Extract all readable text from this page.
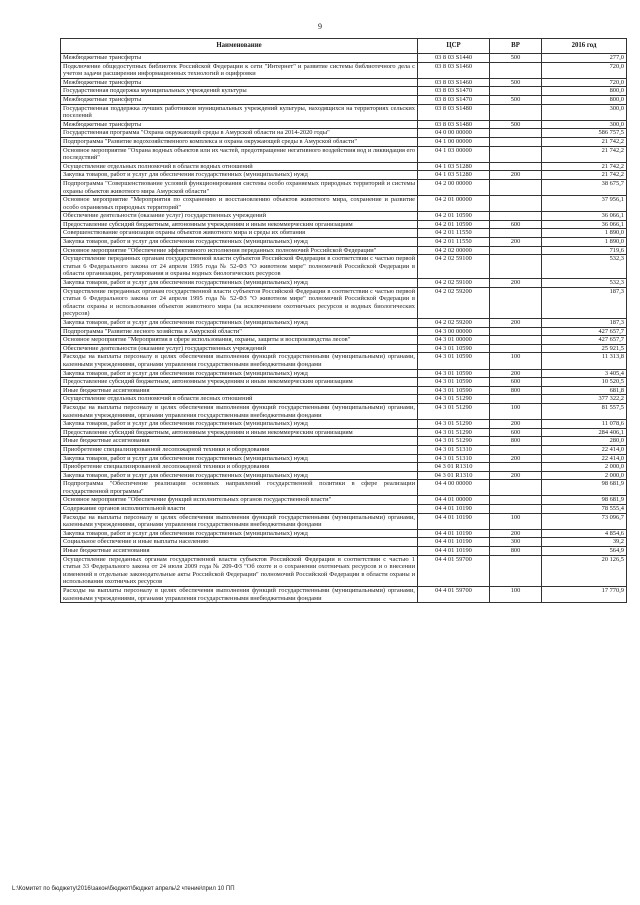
9
Наименование	ЦСР	ВР	2016 год
Межбюджетные трансферты	03 8 03 S1440	500	277,0
Подключение общедоступных библиотек Российской Федерации к сети "Интернет" и развитие системы библиотечного дела с учетом задачи расширения информационных технологий и оцифровки	03 8 03 S1460		720,0
Межбюджетные трансферты	03 8 03 S1460	500	720,0
Государственная поддержка муниципальных учреждений культуры	03 8 03 S1470		800,0
Межбюджетные трансферты	03 8 03 S1470	500	800,0
Государственная поддержка лучших работников муниципальных учреждений культуры, находящихся на территориях сельских поселений	03 8 03 S1480		300,0
Межбюджетные трансферты	03 8 03 S1480	500	300,0
Государственная программа "Охрана окружающей среды в Амурской области на 2014-2020 годы"	04 0 00 00000		586 757,5
Подпрограмма "Развитие водохозяйственного комплекса и охрана окружающей среды в Амурской области"	04 1 00 00000		21 742,2
Основное мероприятие "Охрана водных объектов или их частей, предотвращение негативного воздействия вод и ликвидация его последствий"	04 1 03 00000		21 742,2
Осуществление отдельных полномочий в области водных отношений	04 1 03 51280		21 742,2
Закупка товаров, работ и услуг для обеспечения государственных (муниципальных) нужд	04 1 03 51280	200	21 742,2
Подпрограмма "Совершенствование условий функционирования системы особо охраняемых природных территорий и системы охраны объектов животного мира Амурской области"	04 2 00 00000		38 675,7
Основное мероприятие "Мероприятия по сохранению и восстановлению объектов животного мира, сохранение и развитие особо охраняемых природных территорий"	04 2 01 00000		37 956,1
Обеспечение деятельности (оказание услуг) государственных учреждений	04 2 01 10590		36 066,1
Предоставление субсидий бюджетным, автономным учреждениям и иным некоммерческим организациям	04 2 01 10590	600	36 066,1
Совершенствование организации охраны объектов животного мира и среды их обитания	04 2 01 11550		1 890,0
Закупка товаров, работ и услуг для обеспечения государственных (муниципальных) нужд	04 2 01 11550	200	1 890,0
Основное мероприятие "Обеспечение эффективного исполнения переданных полномочий Российской Федерации"	04 2 02 00000		719,6
Осуществление переданных органам государственной власти субъектов Российской Федерации в соответствии с частью первой статьи 6 Федерального закона от 24 апреля 1995 года № 52-ФЗ "О животном мире" полномочий Российской Федерации в области организации, регулирования и охраны водных биологических ресурсов	04 2 02 59100		532,3
Закупка товаров, работ и услуг для обеспечения государственных (муниципальных) нужд	04 2 02 59100	200	532,3
Осуществление переданных органам государственной власти субъектов Российской Федерации в соответствии с частью первой статьи 6 Федерального закона от 24 апреля 1995 года № 52-ФЗ "О животном мире" полномочий Российской Федерации в области охраны и использования объектов животного мира (за исключением охотничьих ресурсов и водных биологических ресурсов)	04 2 02 59200		187,3
Закупка товаров, работ и услуг для обеспечения государственных (муниципальных) нужд	04 2 02 59200	200	187,3
Подпрограмма "Развитие лесного хозяйства в Амурской области"	04 3 00 00000		427 657,7
Основное мероприятие "Мероприятия в сфере использования, охраны, защиты и воспроизводства лесов"	04 3 01 00000		427 657,7
Обеспечение деятельности (оказание услуг) государственных учреждений	04 3 01 10590		25 921,5
Расходы на выплаты персоналу в целях обеспечения выполнения функций государственными (муниципальными) органами, казенными учреждениями, органами управления государственными внебюджетными фондами	04 3 01 10590	100	11 313,8
Закупка товаров, работ и услуг для обеспечения государственных (муниципальных) нужд	04 3 01 10590	200	3 405,4
Предоставление субсидий бюджетным, автономным учреждениям и иным некоммерческим организациям	04 3 01 10590	600	10 520,5
Иные бюджетные ассигнования	04 3 01 10590	800	681,8
Осуществление отдельных полномочий в области лесных отношений	04 3 01 51290		377 322,2
Расходы на выплаты персоналу в целях обеспечения выполнения функций государственными (муниципальными) органами, казенными учреждениями, органами управления государственными внебюджетными фондами	04 3 01 51290	100	81 557,5
Закупка товаров, работ и услуг для обеспечения государственных (муниципальных) нужд	04 3 01 51290	200	11 078,6
Предоставление субсидий бюджетным, автономным учреждениям и иным некоммерческим организациям	04 3 01 51290	600	284 406,1
Иные бюджетные ассигнования	04 3 01 51290	800	280,0
Приобретение специализированной лесопожарной техники и оборудования	04 3 01 51310		22 414,0
Закупка товаров, работ и услуг для обеспечения государственных (муниципальных) нужд	04 3 01 51310	200	22 414,0
Приобретение специализированной лесопожарной техники и оборудования	04 3 01 R1310		2 000,0
Закупка товаров, работ и услуг для обеспечения государственных (муниципальных) нужд	04 3 01 R1310	200	2 000,0
Подпрограмма "Обеспечение реализации основных направлений государственной политики в сфере реализации государственной программы"	04 4 00 00000		98 681,9
Основное мероприятие "Обеспечение функций исполнительных органов государственной власти"	04 4 01 00000		98 681,9
Содержание органов исполнительной власти	04 4 01 10190		78 555,4
Расходы на выплаты персоналу в целях обеспечения выполнения функций государственными (муниципальными) органами, казенными учреждениями, органами управления государственными внебюджетными фондами	04 4 01 10190	100	73 096,7
Закупка товаров, работ и услуг для обеспечения государственных (муниципальных) нужд	04 4 01 10190	200	4 854,6
Социальное обеспечение и иные выплаты населению	04 4 01 10190	300	39,2
Иные бюджетные ассигнования	04 4 01 10190	800	564,9
Осуществление переданных органам государственной власти субъектов Российской Федерации в соответствии с частью 1 статьи 33 Федерального закона от 24 июля 2009 года № 209-ФЗ "Об охоте и о сохранении охотничьих ресурсов и о внесении изменений в отдельные законодательные акты Российской Федерации" полномочий Российской Федерации в области охраны и использования охотничьих ресурсов	04 4 01 59700		20 126,5
Расходы на выплаты персоналу в целях обеспечения выполнения функций государственными (муниципальными) органами, казенными учреждениями, органами управления государственными внебюджетными фондами	04 4 01 59700	100	17 770,9
L:\Комитет по бюджету\2016\закон\бюджет\бюджет апрель\2 чтение\прил 10 ПП
